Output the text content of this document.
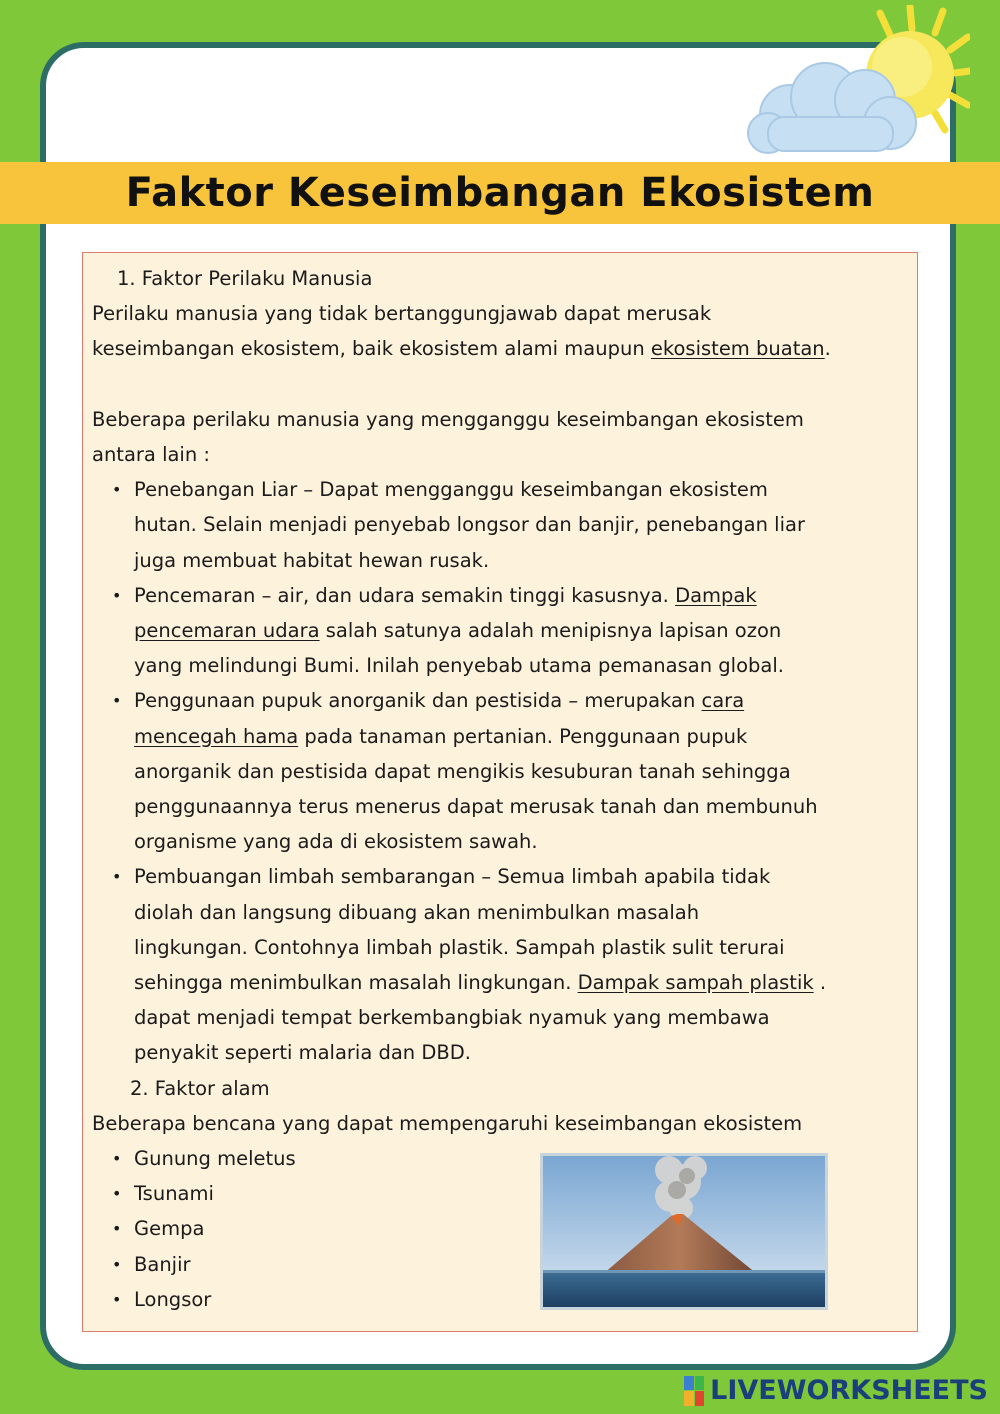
Faktor Keseimbangan Ekosistem
1. Faktor Perilaku Manusia
Perilaku manusia yang tidak bertanggungjawab dapat merusak
keseimbangan ekosistem, baik ekosistem alami maupun ekosistem buatan.
Beberapa perilaku manusia yang mengganggu keseimbangan ekosistem
antara lain :
• Penebangan Liar – Dapat mengganggu keseimbangan ekosistem
hutan. Selain menjadi penyebab longsor dan banjir, penebangan liar
juga membuat habitat hewan rusak.
• Pencemaran – air, dan udara semakin tinggi kasusnya. Dampak
pencemaran udara salah satunya adalah menipisnya lapisan ozon
yang melindungi Bumi. Inilah penyebab utama pemanasan global.
• Penggunaan pupuk anorganik dan pestisida – merupakan cara
mencegah hama pada tanaman pertanian. Penggunaan pupuk
anorganik dan pestisida dapat mengikis kesuburan tanah sehingga
penggunaannya terus menerus dapat merusak tanah dan membunuh
organisme yang ada di ekosistem sawah.
• Pembuangan limbah sembarangan – Semua limbah apabila tidak
diolah dan langsung dibuang akan menimbulkan masalah
lingkungan. Contohnya limbah plastik. Sampah plastik sulit terurai
sehingga menimbulkan masalah lingkungan. Dampak sampah plastik .
dapat menjadi tempat berkembangbiak nyamuk yang membawa
penyakit seperti malaria dan DBD.
2. Faktor alam
Beberapa bencana yang dapat mempengaruhi keseimbangan ekosistem
• Gunung meletus
• Tsunami
• Gempa
• Banjir
• Longsor
LIVEWORKSHEETS
